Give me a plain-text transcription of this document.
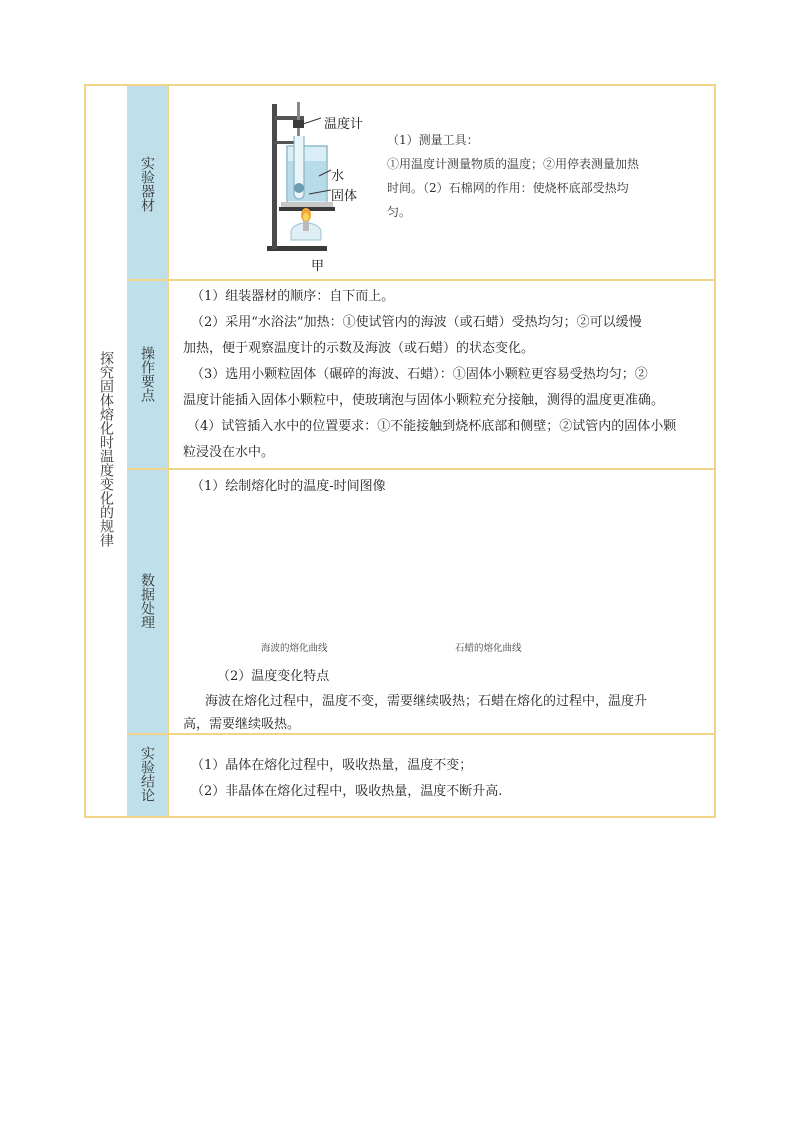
探究固体熔化时温度变化的规律
实验器材
操作要点
数据处理
实验结论
温度计
水
固体
甲
（1）测量工具：
①用温度计测量物质的温度；②用停表测量加热
时间。（2）石棉网的作用：使烧杯底部受热均
匀。
（1）组装器材的顺序：自下而上。
（2）采用“水浴法”加热：①使试管内的海波（或石蜡）受热均匀；②可以缓慢
加热，便于观察温度计的示数及海波（或石蜡）的状态变化。
（3）选用小颗粒固体（碾碎的海波、石蜡）：①固体小颗粒更容易受热均匀；②
温度计能插入固体小颗粒中，使玻璃泡与固体小颗粒充分接触，测得的温度更准确。
（4）试管插入水中的位置要求：①不能接触到烧杯底部和侧壁；②试管内的固体小颗
粒浸没在水中。
（1）绘制熔化时的温度-时间图像
海波的熔化曲线	石蜡的熔化曲线
（2）温度变化特点
海波在熔化过程中，温度不变，需要继续吸热；石蜡在熔化的过程中，温度升
高，需要继续吸热。
（1）晶体在熔化过程中，吸收热量，温度不变；
（2）非晶体在熔化过程中，吸收热量，温度不断升高.
